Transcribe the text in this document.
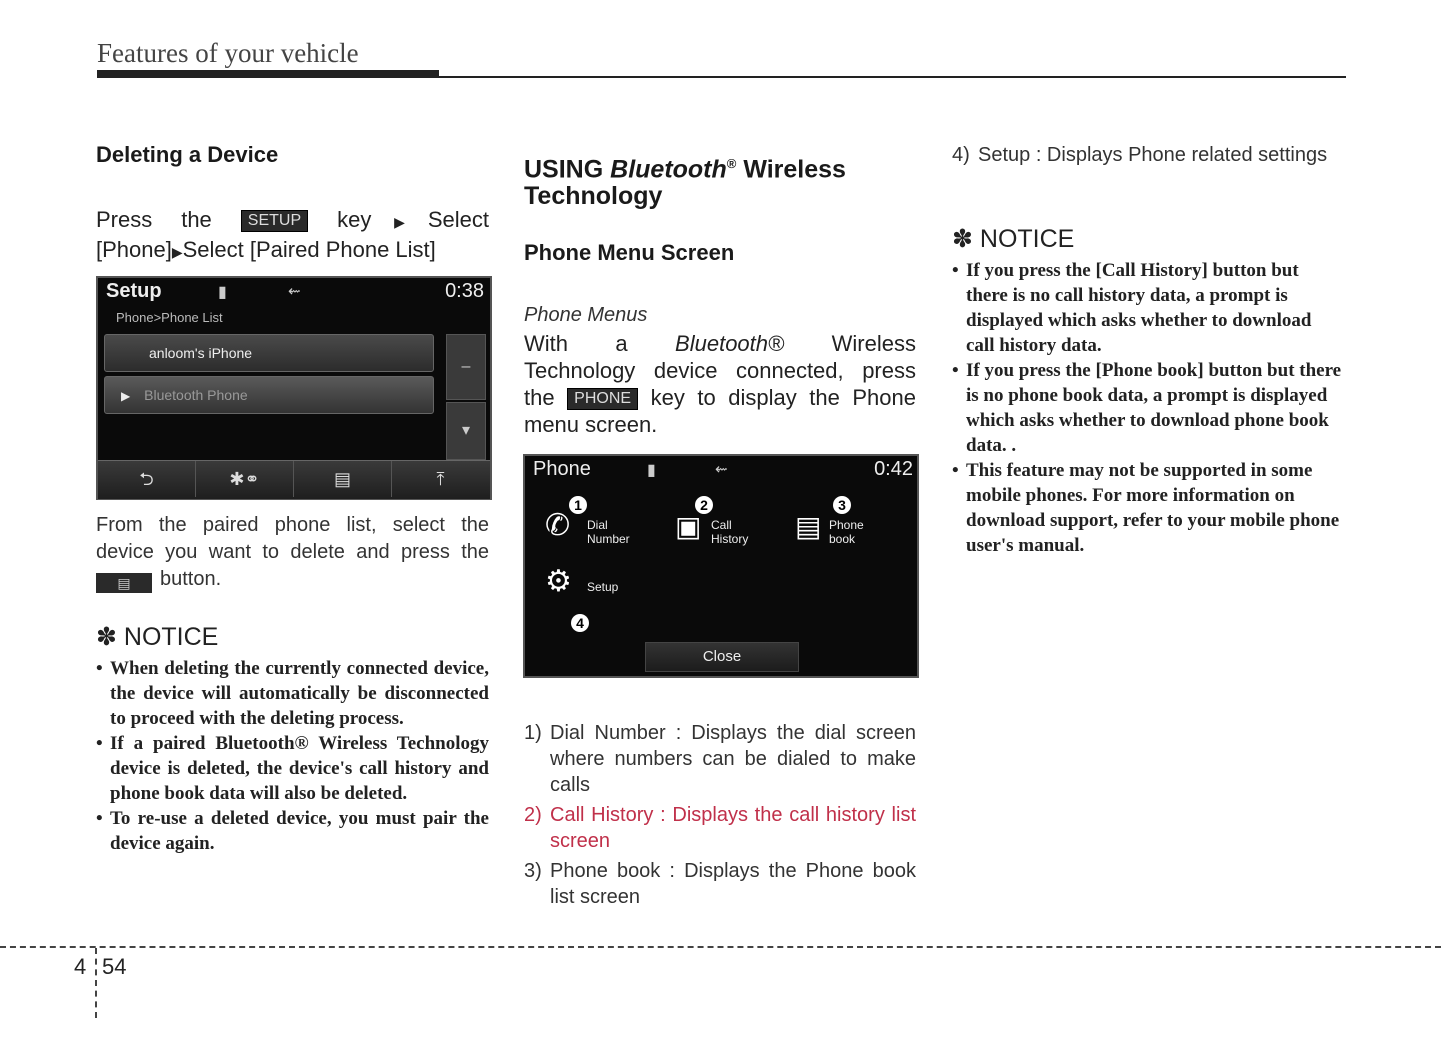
Features of your vehicle
Deleting a Device
Press the SETUP key▶Select
[Phone]▶Select [Paired Phone List]
Setup	▮	⇜	0:38
Phone>Phone List
anloom's iPhone
▶ Bluetooth Phone
–
▾
⮌	✱⚭	▤	⤒
From the paired phone list, select the
device you want to delete and press the
▤ button.
✽ NOTICE
• When deleting the currently connected device, the device will automatically be disconnected to proceed with the deleting process.
• If a paired Bluetooth® Wireless Technology device is deleted, the device's call history and phone book data will also be deleted.
• To re-use a deleted device, you must pair the device again.
USING Bluetooth® Wireless
Technology
Phone Menu Screen
Phone Menus
With a Bluetooth® Wireless
Technology device connected, press
the PHONE key to display the Phone
menu screen.
Phone	▮	⇜	0:42
1
✆ Dial Number
2
▣ Call History
3
▤ Phone book
⚙ Setup
4
Close
1) Dial Number : Displays the dial screen where numbers can be dialed to make calls
2) Call History : Displays the call history list screen
3) Phone book : Displays the Phone book list screen
4) Setup : Displays Phone related settings
✽ NOTICE
• If you press the [Call History] button but there is no call history data, a prompt is displayed which asks whether to download call history data.
• If you press the [Phone book] button but there is no phone book data, a prompt is displayed which asks whether to download phone book data. .
• This feature may not be supported in some mobile phones. For more information on download support, refer to your mobile phone user's manual.
4 54
